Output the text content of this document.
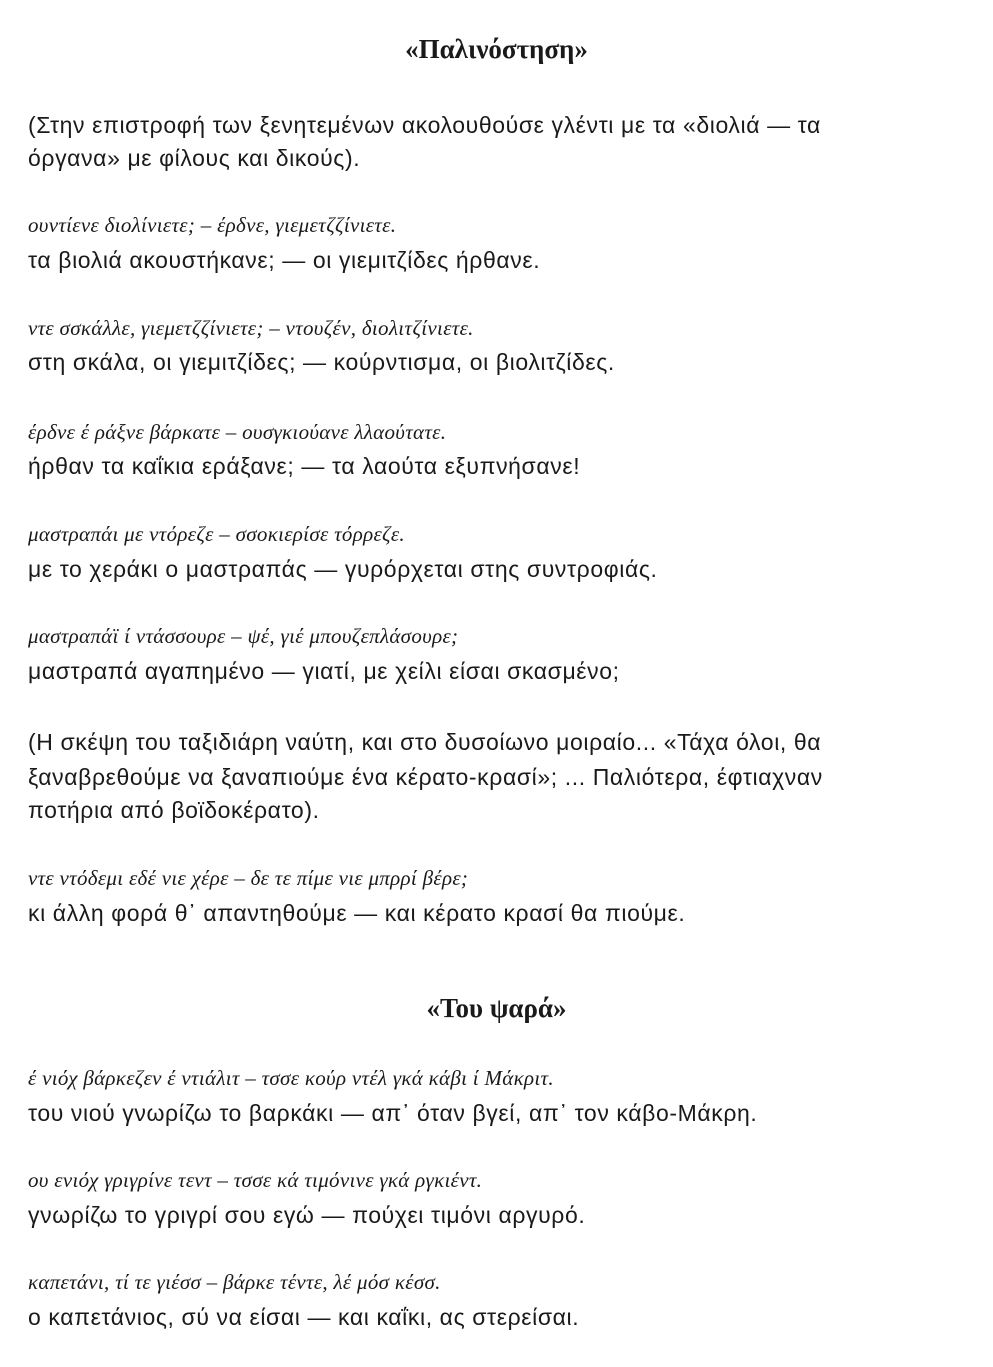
«Παλινόστηση»

(Στην επιστροφή των ξενητεμένων ακολουθούσε γλέντι με τα «διολιά — τα

όργανα» με φίλους και δικούς).

ουντίενε διολίνιετε; – έρδνε, γιεμετζζίνιετε.

τα βιολιά ακουστήκανε; — οι γιεμιτζίδες ήρθανε.

ντε σσκάλλε, γιεμετζζίνιετε; – ντουζέν, διολιτζίνιετε.

στη σκάλα, οι γιεμιτζίδες; — κούρντισμα, οι βιολιτζίδες.

έρδνε έ ράξνε βάρκατε – ουσγκιούανε λλαούτατε.

ήρθαν τα καΐκια εράξανε; — τα λαούτα εξυπνήσανε!

μαστραπάι με ντόρεζε – σσοκιερίσε τόρρεζε.

με το χεράκι ο μαστραπάς — γυρόρχεται στης συντροφιάς.

μαστραπάϊ ί ντάσσουρε – ψέ, γιέ μπουζεπλάσουρε;

μαστραπά αγαπημένο — γιατί, με χείλι είσαι σκασμένο;

(Η σκέψη του ταξιδιάρη ναύτη, και στο δυσοίωνο μοιραίο... «Τάχα όλοι, θα

ξαναβρεθούμε να ξαναπιούμε ένα κέρατο-κρασί»; ... Παλιότερα, έφτιαχναν

ποτήρια από βοϊδοκέρατο).

ντε ντόδεμι εδέ νιε χέρε – δε τε πίμε νιε μπρρί βέρε;

κι άλλη φορά θ᾽ απαντηθούμε — και κέρατο κρασί θα πιούμε.

«Του ψαρά»

έ νιόχ βάρκεζεν έ ντιάλιτ – τσσε κούρ ντέλ γκά κάβι ί Μάκριτ.

του νιού γνωρίζω το βαρκάκι — απ᾽ όταν βγεί, απ᾽ τον κάβο-Μάκρη.

ου ενιόχ γριγρίνε τεντ – τσσε κά τιμόνινε γκά ργκιέντ.

γνωρίζω το γριγρί σου εγώ — πούχει τιμόνι αργυρό.

καπετάνι, τί τε γιέσσ – βάρκε τέντε, λέ μόσ κέσσ.

ο καπετάνιος, σύ να είσαι — και καΐκι, ας στερείσαι.
